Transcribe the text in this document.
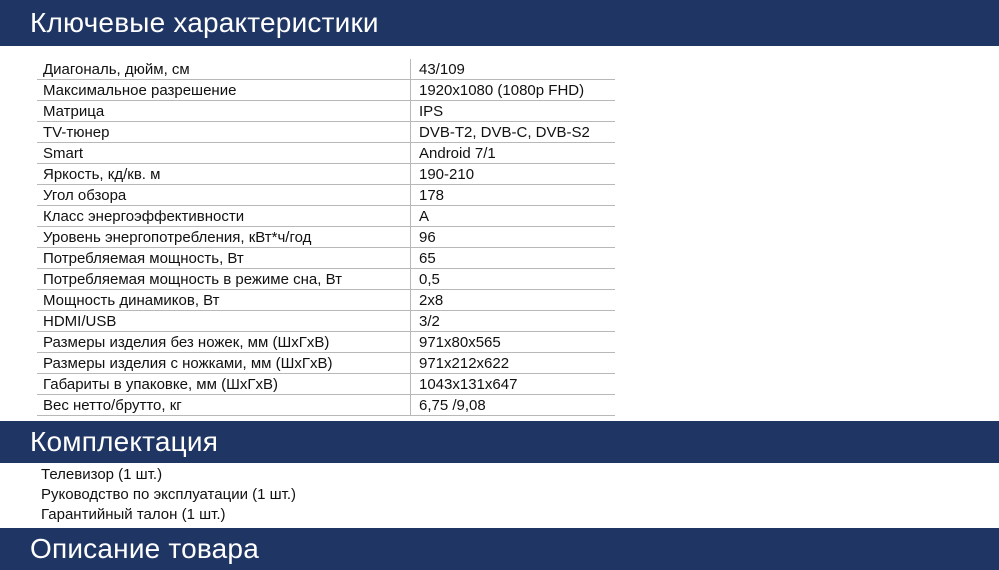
Ключевые характеристики
Диагональ, дюйм, см	43/109
Максимальное разрешение	1920x1080 (1080p FHD)
Матрица	IPS
TV-тюнер	DVB-T2, DVB-C, DVB-S2
Smart	Android 7/1
Яркость, кд/кв. м	190-210
Угол обзора	178
Класс энергоэффективности	A
Уровень энергопотребления, кВт*ч/год	96
Потребляемая мощность, Вт	65
Потребляемая мощность в режиме сна, Вт	0,5
Мощность динамиков, Вт	2x8
HDMI/USB	3/2
Размеры изделия без ножек, мм (ШхГхВ)	971x80x565
Размеры изделия с ножками, мм (ШхГхВ)	971x212x622
Габариты в упаковке, мм (ШхГхВ)	1043x131x647
Вес нетто/брутто, кг	6,75 /9,08
Комплектация
Телевизор (1 шт.)
Руководство по эксплуатации (1 шт.)
Гарантийный талон (1 шт.)
Описание товара
